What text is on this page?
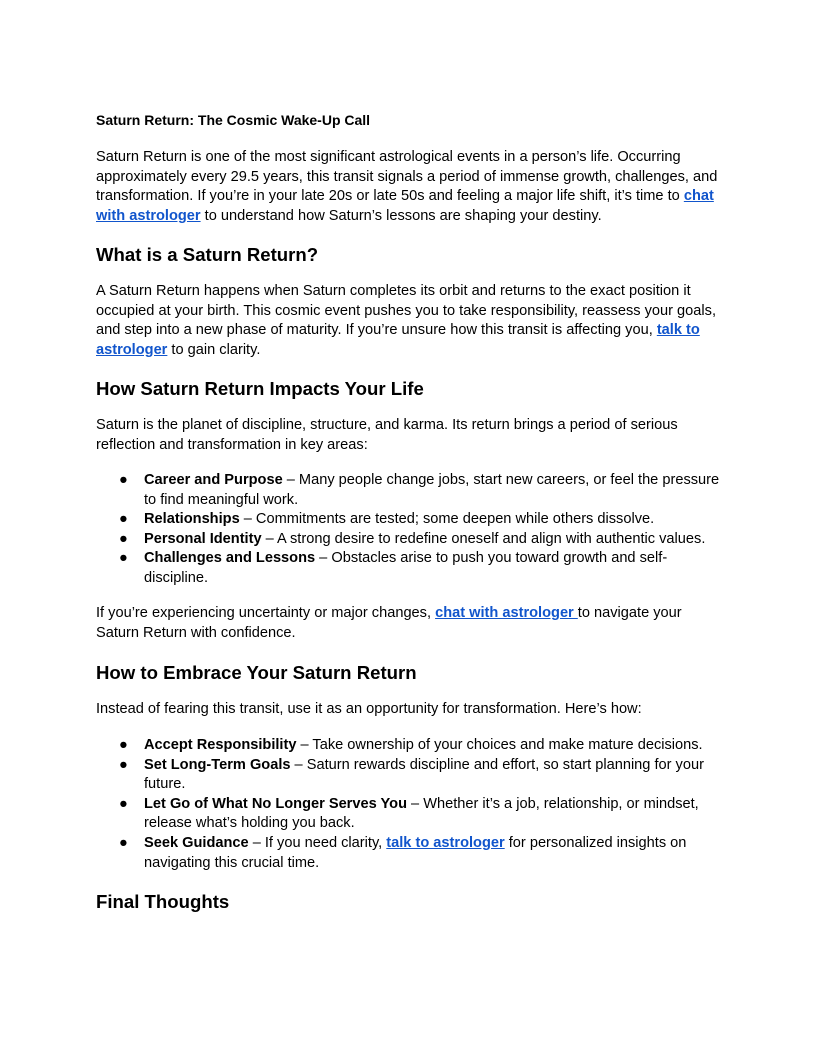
Saturn Return: The Cosmic Wake-Up Call

Saturn Return is one of the most significant astrological events in a person’s life. Occurring approximately every 29.5 years, this transit signals a period of immense growth, challenges, and transformation. If you’re in your late 20s or late 50s and feeling a major life shift, it’s time to chat with astrologer to understand how Saturn’s lessons are shaping your destiny.

What is a Saturn Return?

A Saturn Return happens when Saturn completes its orbit and returns to the exact position it occupied at your birth. This cosmic event pushes you to take responsibility, reassess your goals, and step into a new phase of maturity. If you’re unsure how this transit is affecting you, talk to astrologer to gain clarity.

How Saturn Return Impacts Your Life

Saturn is the planet of discipline, structure, and karma. Its return brings a period of serious reflection and transformation in key areas:

● Career and Purpose – Many people change jobs, start new careers, or feel the pressure to find meaningful work.
● Relationships – Commitments are tested; some deepen while others dissolve.
● Personal Identity – A strong desire to redefine oneself and align with authentic values.
● Challenges and Lessons – Obstacles arise to push you toward growth and self-discipline.

If you’re experiencing uncertainty or major changes, chat with astrologer to navigate your Saturn Return with confidence.

How to Embrace Your Saturn Return

Instead of fearing this transit, use it as an opportunity for transformation. Here’s how:

● Accept Responsibility – Take ownership of your choices and make mature decisions.
● Set Long-Term Goals – Saturn rewards discipline and effort, so start planning for your future.
● Let Go of What No Longer Serves You – Whether it’s a job, relationship, or mindset, release what’s holding you back.
● Seek Guidance – If you need clarity, talk to astrologer for personalized insights on navigating this crucial time.
Final Thoughts
